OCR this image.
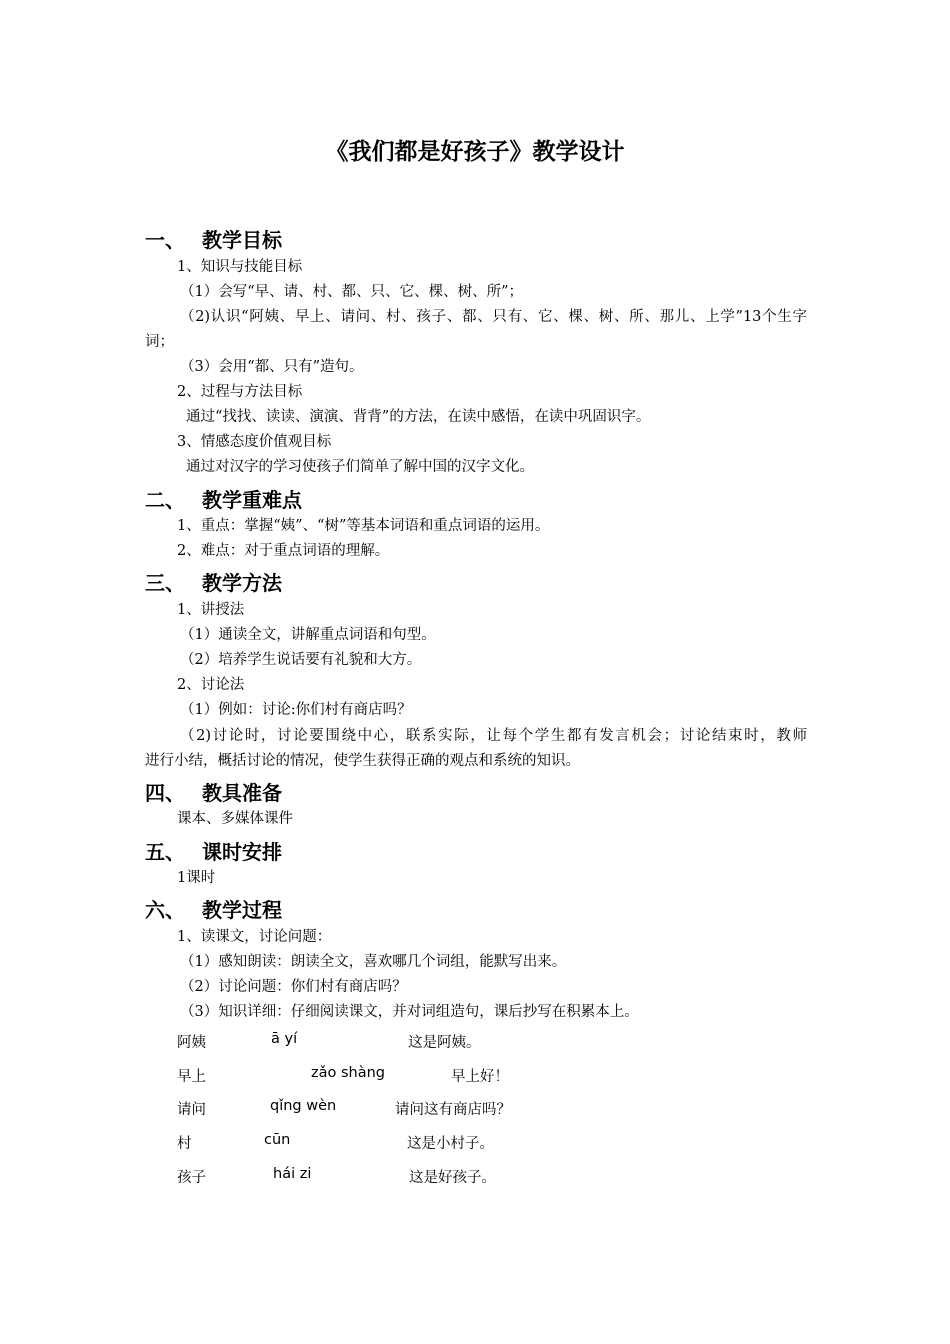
《我们都是好孩子》教学设计
一、 教学目标
1、知识与技能目标
（1）会写“早、请、村、都、只、它、棵、树、所”；
（2)认识“阿姨、早上、请问、村、孩子、都、只有、它、棵、树、所、那儿、上学”13个生字
词；
（3）会用“都、只有”造句。
2、过程与方法目标
通过“找找、读读、演演、背背”的方法，在读中感悟，在读中巩固识字。
3、情感态度价值观目标
通过对汉字的学习使孩子们简单了解中国的汉字文化。
二、 教学重难点
1、重点：掌握“姨”、“树”等基本词语和重点词语的运用。
2、难点：对于重点词语的理解。
三、 教学方法
1、讲授法
（1）通读全文，讲解重点词语和句型。
（2）培养学生说话要有礼貌和大方。
2、讨论法
（1）例如：讨论:你们村有商店吗？
（2)讨论时，讨论要围绕中心，联系实际，让每个学生都有发言机会；讨论结束时，教师
进行小结，概括讨论的情况，使学生获得正确的观点和系统的知识。
四、 教具准备
课本、多媒体课件
五、 课时安排
1课时
六、 教学过程
1、读课文，讨论问题：
（1）感知朗读：朗读全文，喜欢哪几个词组，能默写出来。
（2）讨论问题：你们村有商店吗？
（3）知识详细：仔细阅读课文，并对词组造句，课后抄写在积累本上。
阿姨	ā yí	这是阿姨。
早上	zǎo shàng	早上好！
请问	qǐng wèn	请问这有商店吗？
村	cūn	这是小村子。
孩子	hái zi	这是好孩子。
